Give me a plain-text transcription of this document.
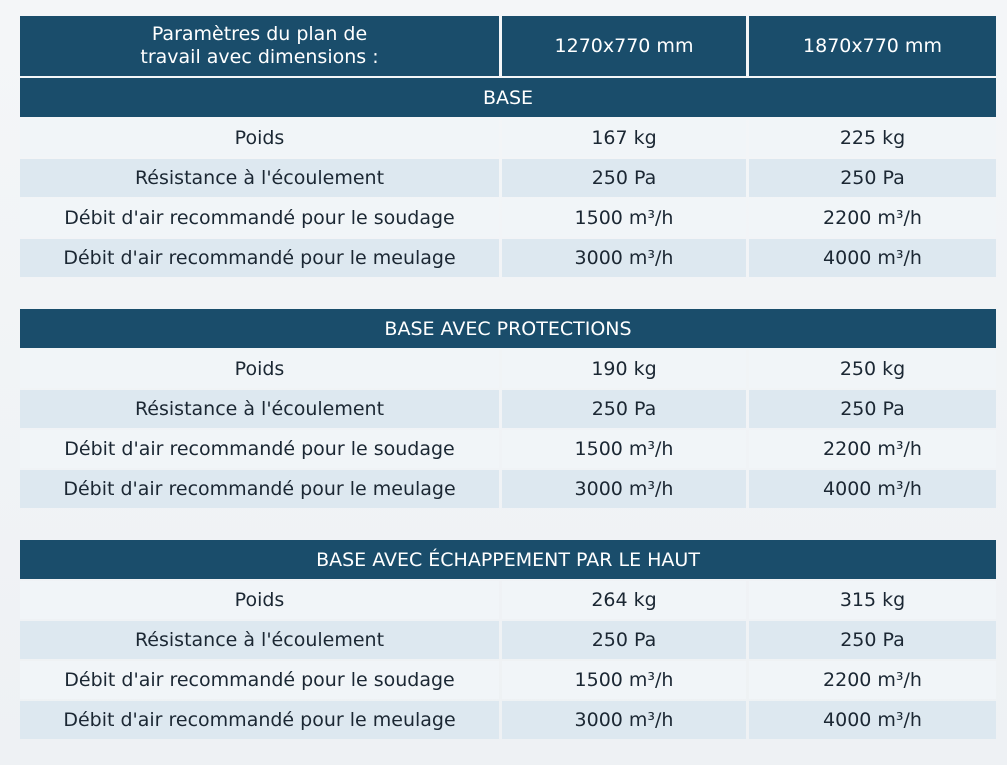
Paramètres du plan de
travail avec dimensions :
1270x770 mm	1870x770 mm
BASE
Poids	167 kg	225 kg
Résistance à l'écoulement	250 Pa	250 Pa
Débit d'air recommandé pour le soudage	1500 m³/h	2200 m³/h
Débit d'air recommandé pour le meulage	3000 m³/h	4000 m³/h
BASE AVEC PROTECTIONS
Poids	190 kg	250 kg
Résistance à l'écoulement	250 Pa	250 Pa
Débit d'air recommandé pour le soudage	1500 m³/h	2200 m³/h
Débit d'air recommandé pour le meulage	3000 m³/h	4000 m³/h
BASE AVEC ÉCHAPPEMENT PAR LE HAUT
Poids	264 kg	315 kg
Résistance à l'écoulement	250 Pa	250 Pa
Débit d'air recommandé pour le soudage	1500 m³/h	2200 m³/h
Débit d'air recommandé pour le meulage	3000 m³/h	4000 m³/h
